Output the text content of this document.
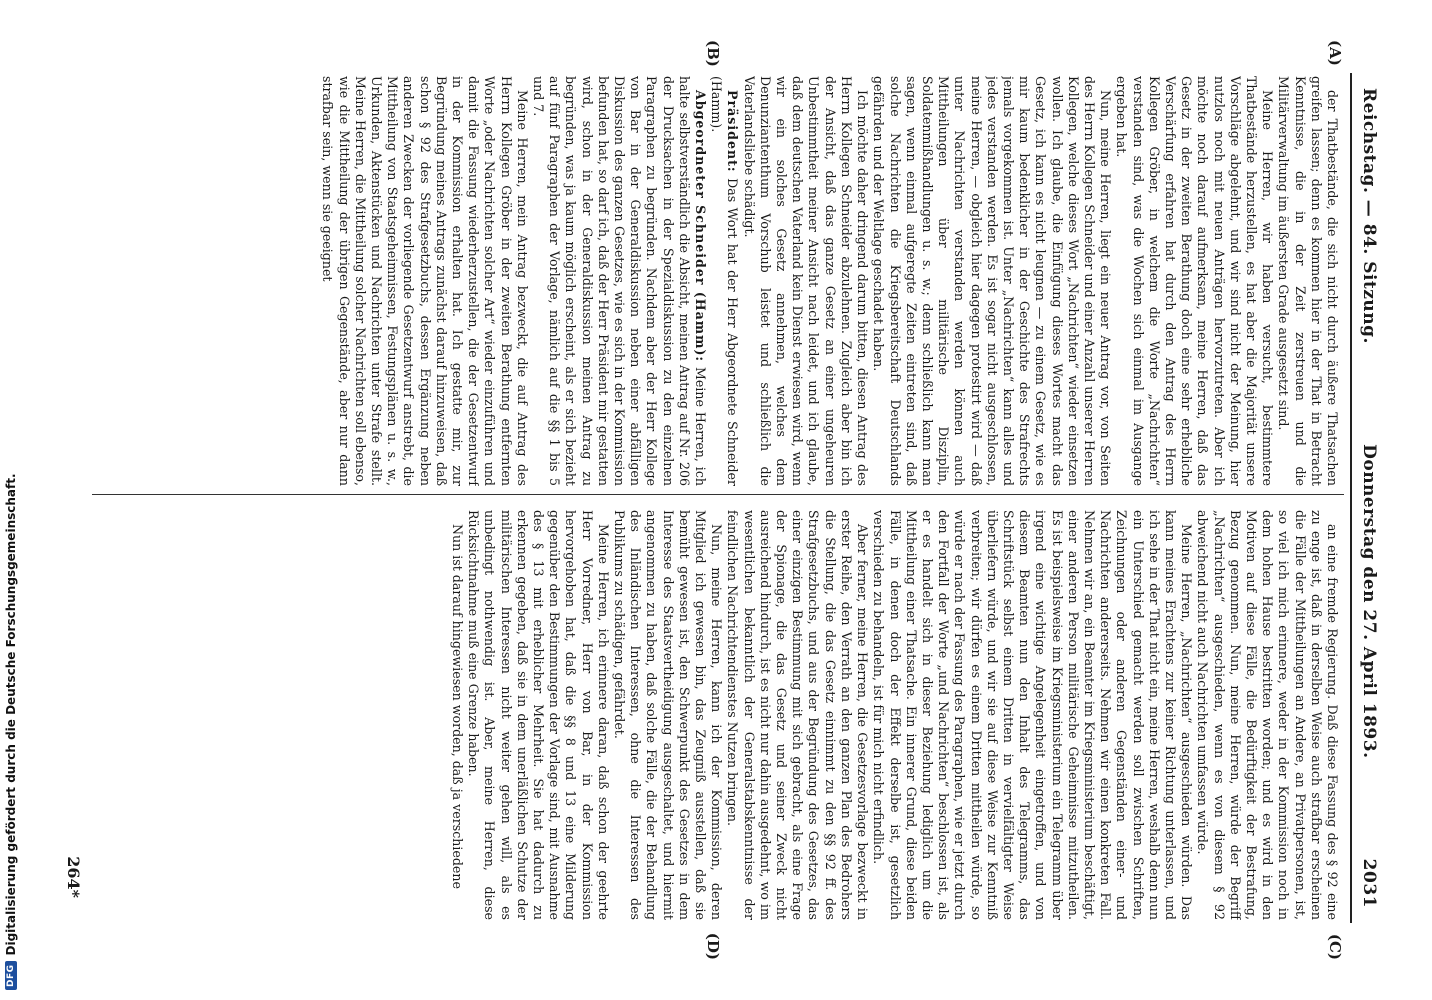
Reichstag. — 84. Sitzung.
Donnerstag den 27. April 1893.
2031
(A)
(B)
(C)
(D)

der Thatbestände, die sich nicht durch äußere Thatsachen greifen lassen; denn es kommen hier in der That in Betracht Kenntnisse, die in der Zeit zerstreuen und die Militärverwaltung im äußersten Grade ausgesetzt sind.

Meine Herren, wir haben versucht, bestimmtere Thatbestände herzustellen, es hat aber die Majorität unsere Vorschläge abgelehnt, und wir sind nicht der Meinung, hier nutzlos noch mit neuen Anträgen hervorzutreten. Aber ich möchte noch darauf aufmerksam, meine Herren, daß das Gesetz in der zweiten Berathung doch eine sehr erhebliche Verschärfung erfahren hat durch den Antrag des Herrn Kollegen Gröber, in welchem die Worte „Nachrichten“ verstanden sind, was die Wochen sich einmal im Ausgange ergeben hat.

Nun, meine Herren, liegt ein neuer Antrag vor, von Seiten des Herrn Kollegen Schneider und einer Anzahl unserer Herren Kollegen, welche dieses Wort „Nachrichten“ wieder einsetzen wollen. Ich glaube, die Einfügung dieses Wortes macht das Gesetz, ich kann es nicht leugnen — zu einem Gesetz, wie es mir kaum bedenklicher in der Geschichte des Strafrechts jemals vorgekommen ist. Unter „Nachrichten“ kann alles und jedes verstanden werden. Es ist sogar nicht ausgeschlossen, meine Herren, — obgleich hier dagegen protestirt wird — daß unter Nachrichten verstanden werden können auch Mittheilungen über militärische Disziplin, Soldatenmißhandlungen u. s. w.; denn schließlich kann man sagen, wenn einmal aufgeregte Zeiten eintreten sind, daß solche Nachrichten die Kriegsbereitschaft Deutschlands gefährden und der Weltlage geschadet haben.

Ich möchte daher dringend darum bitten, diesen Antrag des Herrn Kollegen Schneider abzulehnen. Zugleich aber bin ich der Ansicht, daß das ganze Gesetz an einer ungeheuren Unbestimmtheit meiner Ansicht nach leidet, und ich glaube, daß dem deutschen Vaterland kein Dienst erwiesen wird, wenn wir ein solches Gesetz annehmen, welches dem Denunziantenthum Vorschub leistet und schließlich die Vaterlandsliebe schädigt.

Präsident: Das Wort hat der Herr Abgeordnete Schneider (Hamm).

Abgeordneter Schneider (Hamm): Meine Herren, ich halte selbstverständlich die Absicht, meinen Antrag auf Nr. 206 der Drucksachen in der Spezialdiskussion zu den einzelnen Paragraphen zu begründen. Nachdem aber der Herr Kollege von Bar in der Generaldiskussion neben einer abfälligen Diskussion des ganzen Gesetzes, wie es sich in der Kommission befunden hat, so darf ich, daß der Herr Präsident mir gestatten wird, schon in der Generaldiskussion meinen Antrag zu begründen, was ja kaum möglich erscheint, als er sich bezieht auf fünf Paragraphen der Vorlage, nämlich auf die §§ 1 bis 5 und 7.

Meine Herren, mein Antrag bezweckt, die auf Antrag des Herrn Kollegen Gröber in der zweiten Berathung entfernten Worte „oder Nachrichten solcher Art“ wieder einzuführen und damit die Fassung wiederherzustellen, die der Gesetzentwurf in der Kommission erhalten hat. Ich gestatte mir, zur Begründung meines Antrags zunächst darauf hinzuweisen, daß schon § 92 des Strafgesetzbuchs, dessen Ergänzung neben anderen Zwecken der vorliegende Gesetzentwurf anstrebt, die Mittheilung von Staatsgeheimnissen, Festungsplänen u. s. w., Urkunden, Aktenstücken und Nachrichten unter Strafe stellt. Meine Herren, die Mittheilung solcher Nachrichten soll ebenso, wie die Mittheilung der übrigen Gegenstände, aber nur dann strafbar sein, wenn sie geeignet

an eine fremde Regierung. Daß diese Fassung des § 92 eine zu enge ist, daß in derselben Weise auch strafbar erscheinen die Fälle der Mittheilungen an Andere, an Privatpersonen, ist, so viel ich mich erinnere, weder in der Kommission noch in dem hohen Hause bestritten worden; und es wird in den Motiven auf diese Fälle, die Bedürftigkeit der Bestrafung, Bezug genommen. Nun, meine Herren, würde der Begriff „Nachrichten“ ausgeschieden, wenn es von diesem § 92 abweichend nicht auch Nachrichten umfassen würde.

Meine Herren, „Nachrichten“ ausgeschieden würden. Das kann meines Erachtens zur keiner Richtung unterlassen, und ich sehe in der That nicht ein, meine Herren, weshalb denn nun ein Unterschied gemacht werden soll zwischen Schriften, Zeichnungen oder anderen Gegenständen einer- und Nachrichten andererseits. Nehmen wir einen konkreten Fall. Nehmen wir an, ein Beamter im Kriegsministerium beschäftigt, einer anderen Person militärische Geheimnisse mitzutheilen. Es ist beispielsweise im Kriegsministerium ein Telegramm über irgend eine wichtige Angelegenheit eingetroffen, und von diesem Beamten nun den Inhalt des Telegramms, das Schriftstück selbst einem Dritten in vervielfältigter Weise überliefern würde, und wir sie auf diese Weise zur Kenntniß verbreiten; wir dürfen es einem Dritten mittheilen würde, so würde er nach der Fassung des Paragraphen, wie er jetzt durch den Fortfall der Worte „und Nachrichten“ beschlossen ist, als er es handelt sich in dieser Beziehung lediglich um die Mittheilung einer Thatsache. Ein innerer Grund, diese beiden Fälle, in denen doch der Effekt derselbe ist, gesetzlich verschieden zu behandeln, ist für mich nicht erfindlich.

Aber ferner, meine Herren, die Gesetzesvorlage bezweckt in erster Reihe, den Verrath an den ganzen Plan des Bedrohers die Stellung, die das Gesetz einnimmt zu den §§ 92 ff. des Strafgesetzbuchs, und aus der Begründung des Gesetzes, das einer einzigen Bestimmung mit sich gebracht, als eine Frage der Spionage, die das Gesetz und seiner Zweck nicht ausreichend hindurch, ist es nicht nur dahin ausgedehnt, wo im wesentlichen bekanntlich der Generalstabskenntnisse der feindlichen Nachrichtendienstes Nutzen bringen.

Nun, meine Herren, kann ich der Kommission, deren Mitglied ich gewesen bin, das Zeugniß ausstellen, daß sie bemüht gewesen ist, den Schwerpunkt des Gesetzes in dem Interesse des Staatsvertheidigung ausgeschaltet, und hiermit angenommen zu haben, daß solche Fälle, die der Behandlung des Inländischen Interessen, ohne die Interessen des Publikums zu schädigen, gefährdet.

Meine Herren, ich erinnere daran, daß schon der geehrte Herr Vorredner, Herr von Bar, in der Kommission hervorgehoben hat, daß die §§ 8 und 13 eine Milderung gegenüber den Bestimmungen der Vorlage sind, mit Ausnahme des § 13 mit erheblicher Mehrheit. Sie hat dadurch zu erkennen gegeben, daß sie in dem unerläßlichen Schutze der militärischen Interessen nicht weiter gehen will, als es unbedingt nothwendig ist. Aber, meine Herren, diese Rücksichtnahme muß eine Grenze haben.

Nun ist darauf hingewiesen worden, daß ja verschiedene

264*
DFG
Digitalisierung gefördert durch die Deutsche Forschungsgemeinschaft.
